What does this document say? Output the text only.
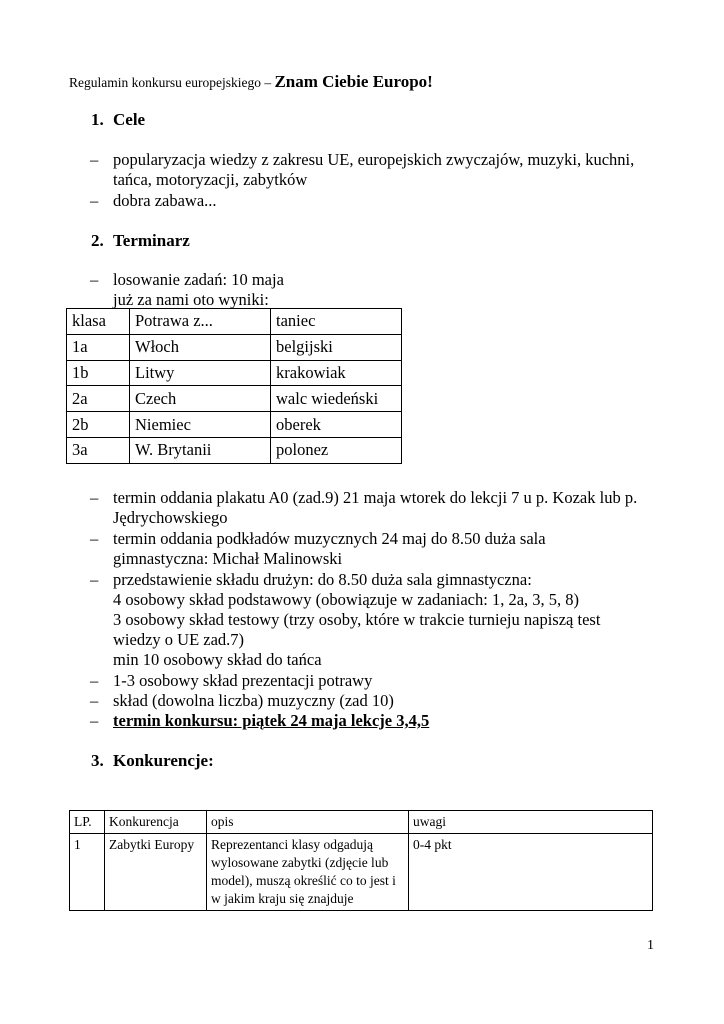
Regulamin konkursu europejskiego – Znam Ciebie Europo!
1. Cele
– popularyzacja wiedzy z zakresu UE, europejskich zwyczajów, muzyki, kuchni, tańca, motoryzacji, zabytków
– dobra zabawa...
2. Terminarz
– losowanie zadań: 10 maja
już za nami oto wyniki:
klasa	Potrawa z...	taniec
1a	Włoch	belgijski
1b	Litwy	krakowiak
2a	Czech	walc wiedeński
2b	Niemiec	oberek
3a	W. Brytanii	polonez
– termin oddania plakatu A0 (zad.9) 21 maja wtorek do lekcji 7 u p. Kozak lub p. Jędrychowskiego
– termin oddania podkładów muzycznych 24 maj do 8.50 duża sala gimnastyczna: Michał Malinowski
– przedstawienie składu drużyn: do 8.50 duża sala gimnastyczna:
4 osobowy skład podstawowy (obowiązuje w zadaniach: 1, 2a, 3, 5, 8)
3 osobowy skład testowy (trzy osoby, które w trakcie turnieju napiszą test wiedzy o UE zad.7)
min 10 osobowy skład do tańca
– 1-3 osobowy skład prezentacji potrawy
– skład (dowolna liczba) muzyczny (zad 10)
– termin konkursu: piątek 24 maja lekcje 3,4,5
3. Konkurencje:
LP.	Konkurencja	opis	uwagi
1	Zabytki Europy	Reprezentanci klasy odgadują wylosowane zabytki (zdjęcie lub model), muszą określić co to jest i w jakim kraju się znajduje	0-4 pkt
1
